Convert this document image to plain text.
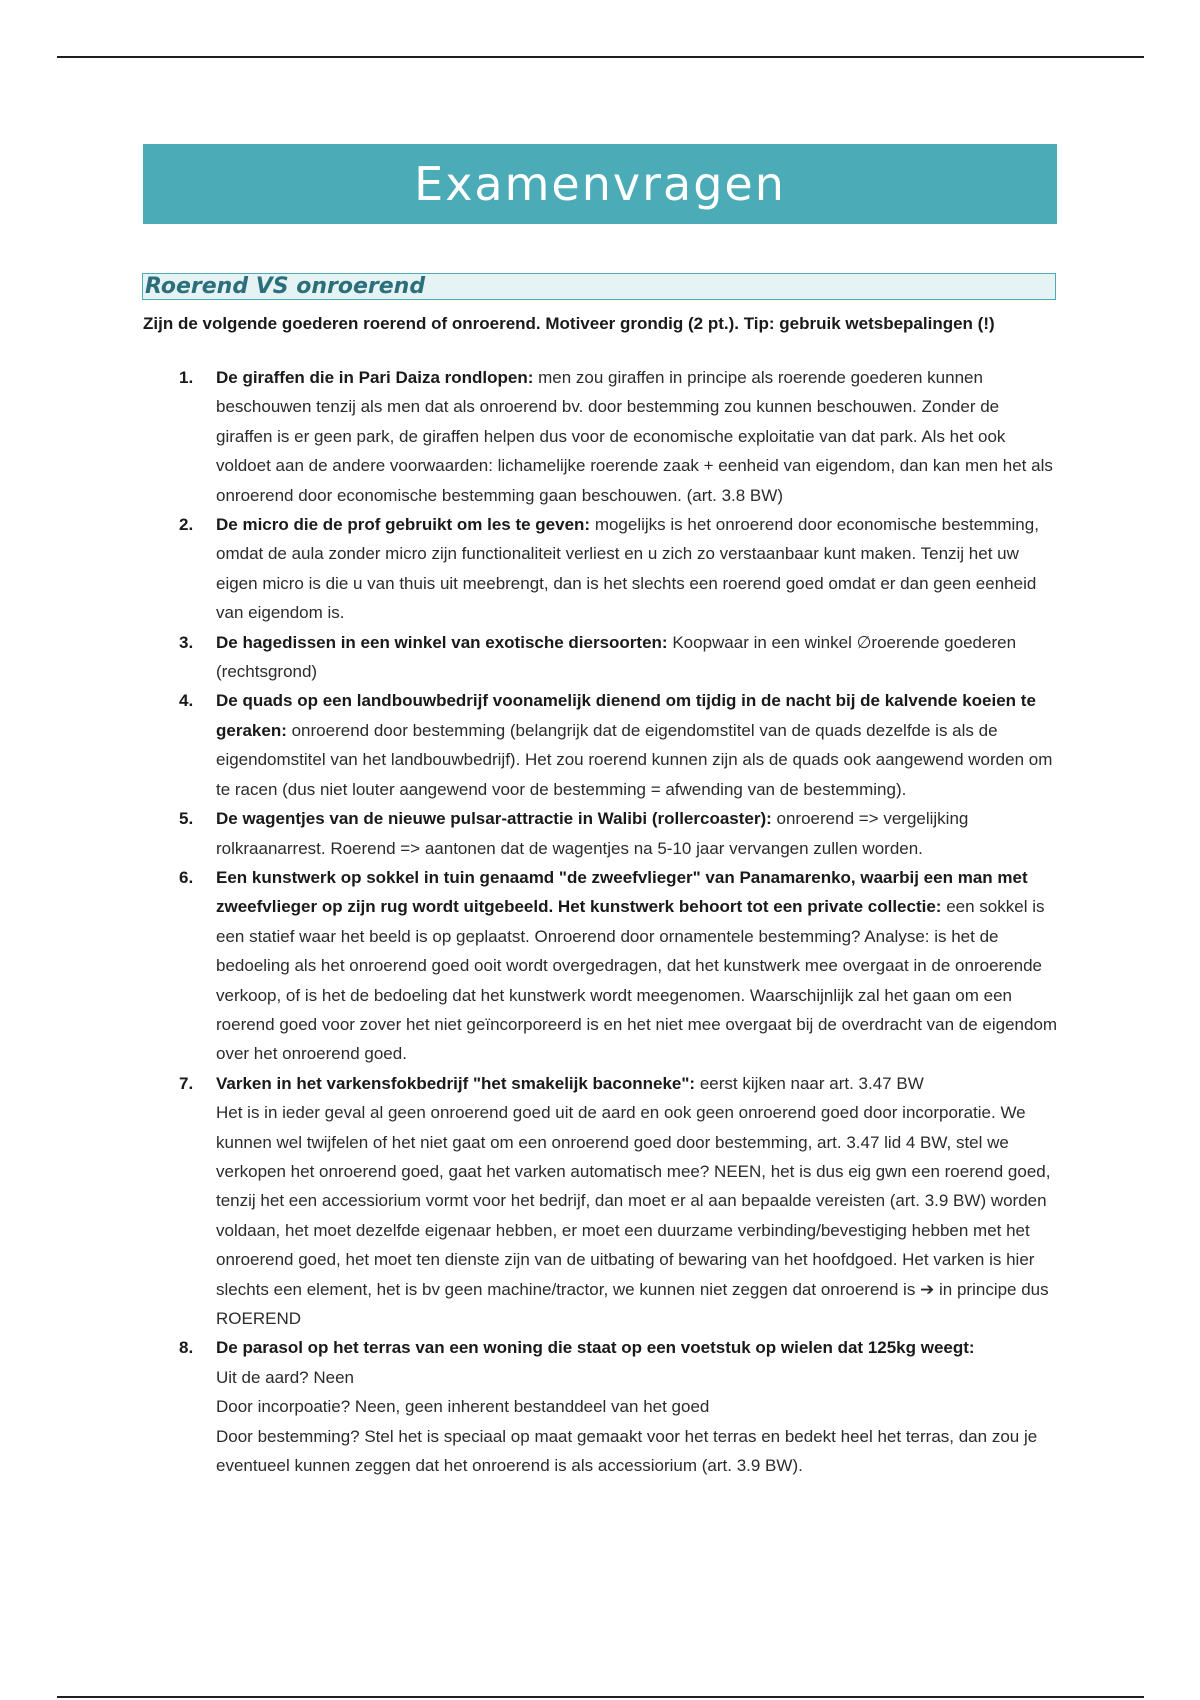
Examenvragen
Roerend VS onroerend
Zijn de volgende goederen roerend of onroerend. Motiveer grondig (2 pt.). Tip: gebruik wetsbepalingen (!)
1. De giraffen die in Pari Daiza rondlopen: men zou giraffen in principe als roerende goederen kunnen beschouwen tenzij als men dat als onroerend bv. door bestemming zou kunnen beschouwen. Zonder de giraffen is er geen park, de giraffen helpen dus voor de economische exploitatie van dat park. Als het ook voldoet aan de andere voorwaarden: lichamelijke roerende zaak + eenheid van eigendom, dan kan men het als onroerend door economische bestemming gaan beschouwen. (art. 3.8 BW)
2. De micro die de prof gebruikt om les te geven: mogelijks is het onroerend door economische bestemming, omdat de aula zonder micro zijn functionaliteit verliest en u zich zo verstaanbaar kunt maken. Tenzij het uw eigen micro is die u van thuis uit meebrengt, dan is het slechts een roerend goed omdat er dan geen eenheid van eigendom is.
3. De hagedissen in een winkel van exotische diersoorten: Koopwaar in een winkel ∅roerende goederen (rechtsgrond)
4. De quads op een landbouwbedrijf voonamelijk dienend om tijdig in de nacht bij de kalvende koeien te geraken: onroerend door bestemming (belangrijk dat de eigendomstitel van de quads dezelfde is als de eigendomstitel van het landbouwbedrijf). Het zou roerend kunnen zijn als de quads ook aangewend worden om te racen (dus niet louter aangewend voor de bestemming = afwending van de bestemming).
5. De wagentjes van de nieuwe pulsar-attractie in Walibi (rollercoaster): onroerend => vergelijking rolkraanarrest. Roerend => aantonen dat de wagentjes na 5-10 jaar vervangen zullen worden.
6. Een kunstwerk op sokkel in tuin genaamd "de zweefvlieger" van Panamarenko, waarbij een man met zweefvlieger op zijn rug wordt uitgebeeld. Het kunstwerk behoort tot een private collectie: een sokkel is een statief waar het beeld is op geplaatst. Onroerend door ornamentele bestemming? Analyse: is het de bedoeling als het onroerend goed ooit wordt overgedragen, dat het kunstwerk mee overgaat in de onroerende verkoop, of is het de bedoeling dat het kunstwerk wordt meegenomen. Waarschijnlijk zal het gaan om een roerend goed voor zover het niet geïncorporeerd is en het niet mee overgaat bij de overdracht van de eigendom over het onroerend goed.
7. Varken in het varkensfokbedrijf "het smakelijk baconneke": eerst kijken naar art. 3.47 BW
Het is in ieder geval al geen onroerend goed uit de aard en ook geen onroerend goed door incorporatie. We kunnen wel twijfelen of het niet gaat om een onroerend goed door bestemming, art. 3.47 lid 4 BW, stel we verkopen het onroerend goed, gaat het varken automatisch mee? NEEN, het is dus eig gwn een roerend goed, tenzij het een accessiorium vormt voor het bedrijf, dan moet er al aan bepaalde vereisten (art. 3.9 BW) worden voldaan, het moet dezelfde eigenaar hebben, er moet een duurzame verbinding/bevestiging hebben met het onroerend goed, het moet ten dienste zijn van de uitbating of bewaring van het hoofdgoed. Het varken is hier slechts een element, het is bv geen machine/tractor, we kunnen niet zeggen dat onroerend is ➔ in principe dus ROEREND
8. De parasol op het terras van een woning die staat op een voetstuk op wielen dat 125kg weegt:
Uit de aard? Neen
Door incorpoatie? Neen, geen inherent bestanddeel van het goed
Door bestemming? Stel het is speciaal op maat gemaakt voor het terras en bedekt heel het terras, dan zou je eventueel kunnen zeggen dat het onroerend is als accessiorium (art. 3.9 BW).
